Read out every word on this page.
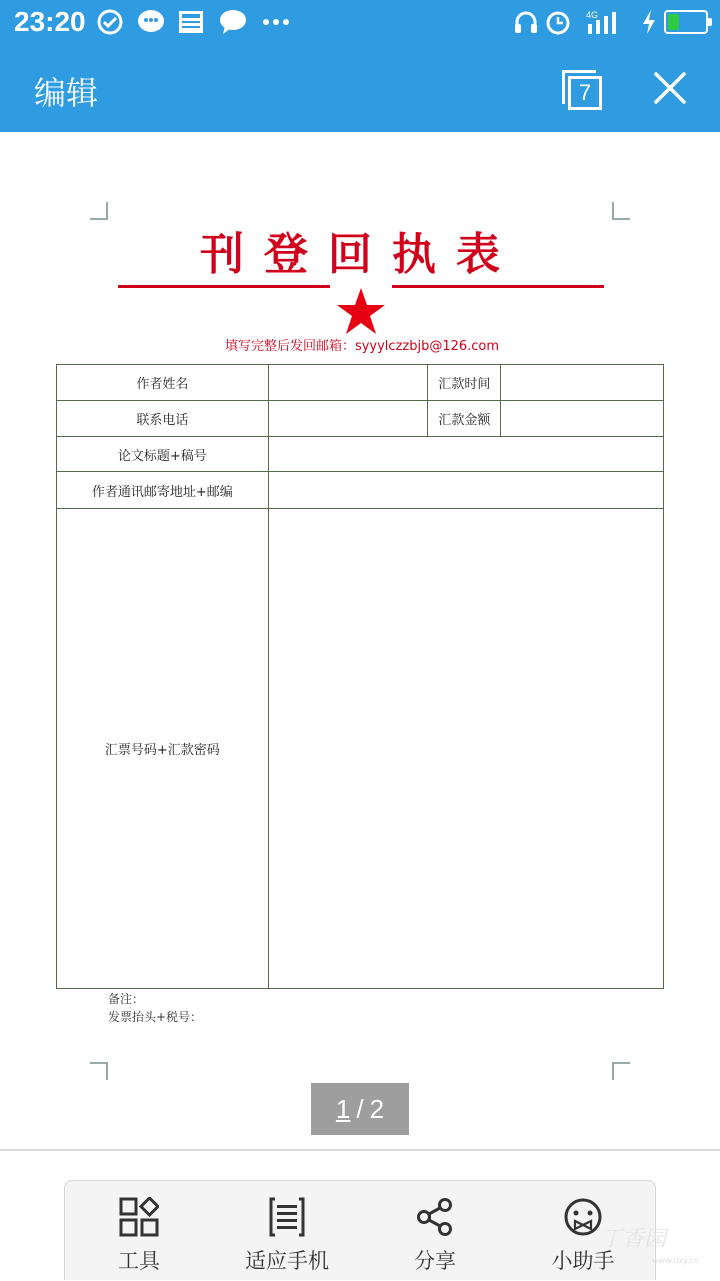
23:20	4G
编辑	7
刊登回执表
填写完整后发回邮箱：syyylczzbjb@126.com
作者姓名		汇款时间	
联系电话		汇款金额	
论文标题+稿号			
作者通讯邮寄地址+邮编			
汇票号码+汇款密码			
备注：
发票抬头+税号：
1 / 2
工具	适应手机	分享	小助手
丁香园
www.dxy.cn
